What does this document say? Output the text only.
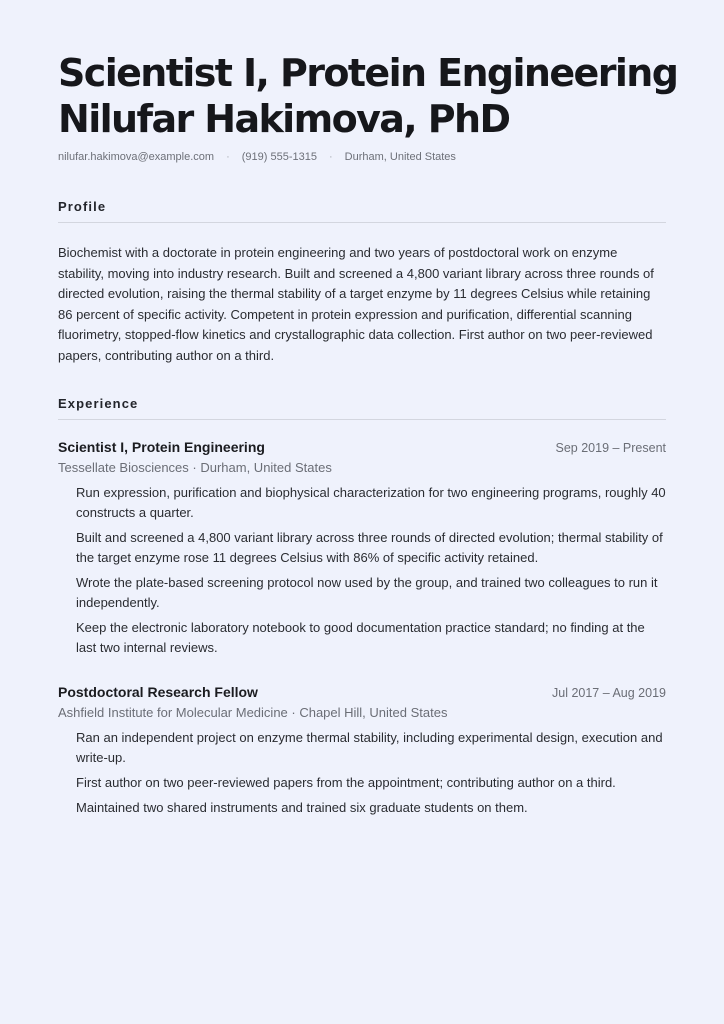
Scientist I, Protein Engineering
Nilufar Hakimova, PhD
nilufar.hakimova@example.com · (919) 555-1315 · Durham, United States
Profile

Biochemist with a doctorate in protein engineering and two years of postdoctoral work on enzyme stability, moving into industry research. Built and screened a 4,800 variant library across three rounds of directed evolution, raising the thermal stability of a target enzyme by 11 degrees Celsius while retaining 86 percent of specific activity. Competent in protein expression and purification, differential scanning fluorimetry, stopped-flow kinetics and crystallographic data collection. First author on two peer-reviewed papers, contributing author on a third.

Experience
Scientist I, Protein Engineering	Sep 2019 – Present
Tessellate Biosciences · Durham, United States
Run expression, purification and biophysical characterization for two engineering programs, roughly 40 constructs a quarter.
Built and screened a 4,800 variant library across three rounds of directed evolution; thermal stability of the target enzyme rose 11 degrees Celsius with 86% of specific activity retained.
Wrote the plate-based screening protocol now used by the group, and trained two colleagues to run it independently.
Keep the electronic laboratory notebook to good documentation practice standard; no finding at the last two internal reviews.
Postdoctoral Research Fellow	Jul 2017 – Aug 2019
Ashfield Institute for Molecular Medicine · Chapel Hill, United States
Ran an independent project on enzyme thermal stability, including experimental design, execution and write-up.
First author on two peer-reviewed papers from the appointment; contributing author on a third.
Maintained two shared instruments and trained six graduate students on them.
